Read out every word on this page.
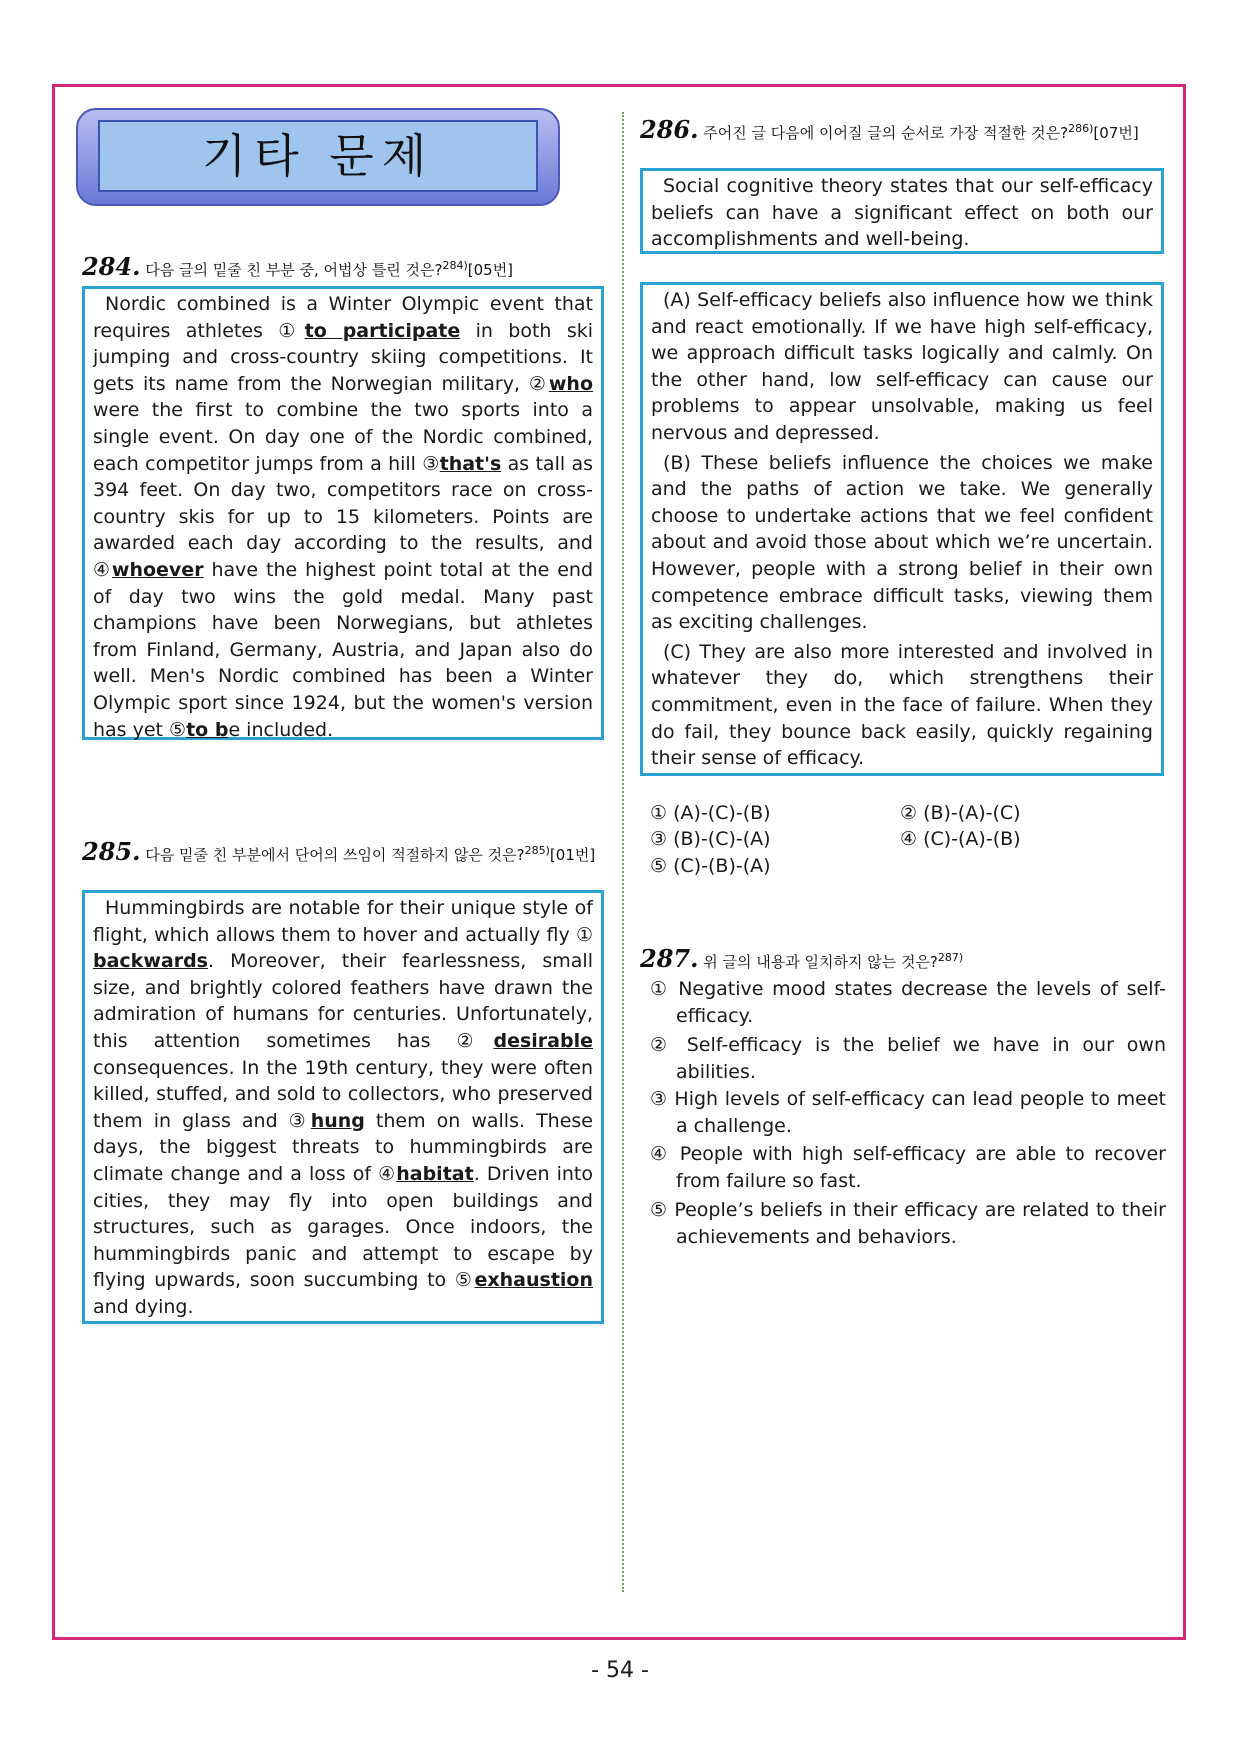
기타 문제
284. 다음 글의 밑줄 친 부분 중, 어법상 틀린 것은?$^{284)}$[05번]

Nordic combined is a Winter Olympic event that requires athletes ①to participate in both ski jumping and cross-country skiing competitions. It gets its name from the Norwegian military, ②who were the first to combine the two sports into a single event. On day one of the Nordic combined, each competitor jumps from a hill ③that's as tall as 394 feet. On day two, competitors race on cross-country skis for up to 15 kilometers. Points are awarded each day according to the results, and ④whoever have the highest point total at the end of day two wins the gold medal. Many past champions have been Norwegians, but athletes from Finland, Germany, Austria, and Japan also do well. Men's Nordic combined has been a Winter Olympic sport since 1924, but the women's version has yet ⑤to be included.

285. 다음 밑줄 친 부분에서 단어의 쓰임이 적절하지 않은 것은?$^{285)}$[01번]

Hummingbirds are notable for their unique style of flight, which allows them to hover and actually fly ① backwards. Moreover, their fearlessness, small size, and brightly colored feathers have drawn the admiration of humans for centuries. Unfortunately, this attention sometimes has ②desirable consequences. In the 19th century, they were often killed, stuffed, and sold to collectors, who preserved them in glass and ③hung them on walls. These days, the biggest threats to hummingbirds are climate change and a loss of ④habitat. Driven into cities, they may fly into open buildings and structures, such as garages. Once indoors, the hummingbirds panic and attempt to escape by flying upwards, soon succumbing to ⑤exhaustion and dying.

286. 주어진 글 다음에 이어질 글의 순서로 가장 적절한 것은?$^{286)}$[07번]

Social cognitive theory states that our self-efficacy beliefs can have a significant effect on both our accomplishments and well-being.

(A) Self-efficacy beliefs also influence how we think and react emotionally. If we have high self-efficacy, we approach difficult tasks logically and calmly. On the other hand, low self-efficacy can cause our problems to appear unsolvable, making us feel nervous and depressed.

(B) These beliefs influence the choices we make and the paths of action we take. We generally choose to undertake actions that we feel confident about and avoid those about which we’re uncertain. However, people with a strong belief in their own competence embrace difficult tasks, viewing them as exciting challenges.

(C) They are also more interested and involved in whatever they do, which strengthens their commitment, even in the face of failure. When they do fail, they bounce back easily, quickly regaining their sense of efficacy.

① (A)-(C)-(B)	② (B)-(A)-(C)
③ (B)-(C)-(A)	④ (C)-(A)-(B)
⑤ (C)-(B)-(A)
287. 위 글의 내용과 일치하지 않는 것은?$^{287)}$
① Negative mood states decrease the levels of self-efficacy.
② Self-efficacy is the belief we have in our own abilities.
③ High levels of self-efficacy can lead people to meet a challenge.
④ People with high self-efficacy are able to recover from failure so fast.
⑤ People’s beliefs in their efficacy are related to their achievements and behaviors.
- 54 -
